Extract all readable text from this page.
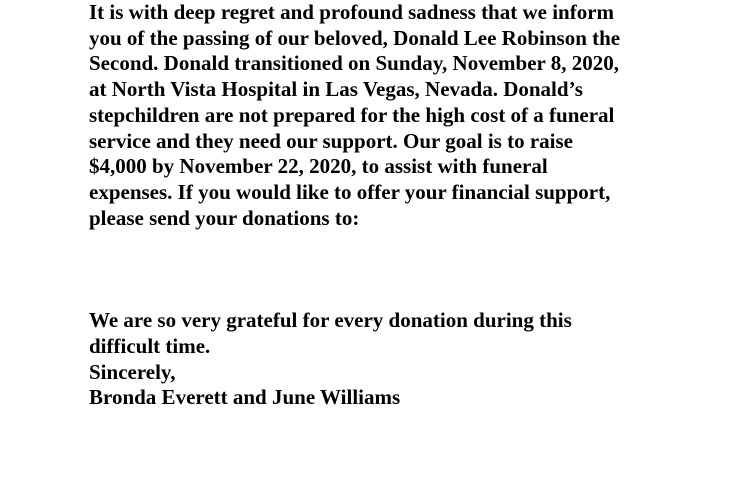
It is with deep regret and profound sadness that we inform
you of the passing of our beloved, Donald Lee Robinson the
Second. Donald transitioned on Sunday, November 8, 2020,
at North Vista Hospital in Las Vegas, Nevada. Donald’s
stepchildren are not prepared for the high cost of a funeral
service and they need our support. Our goal is to raise
$4,000 by November 22, 2020, to assist with funeral
expenses. If you would like to offer your financial support,
please send your donations to:

We are so very grateful for every donation during this
difficult time.
Sincerely,
Bronda Everett and June Williams
